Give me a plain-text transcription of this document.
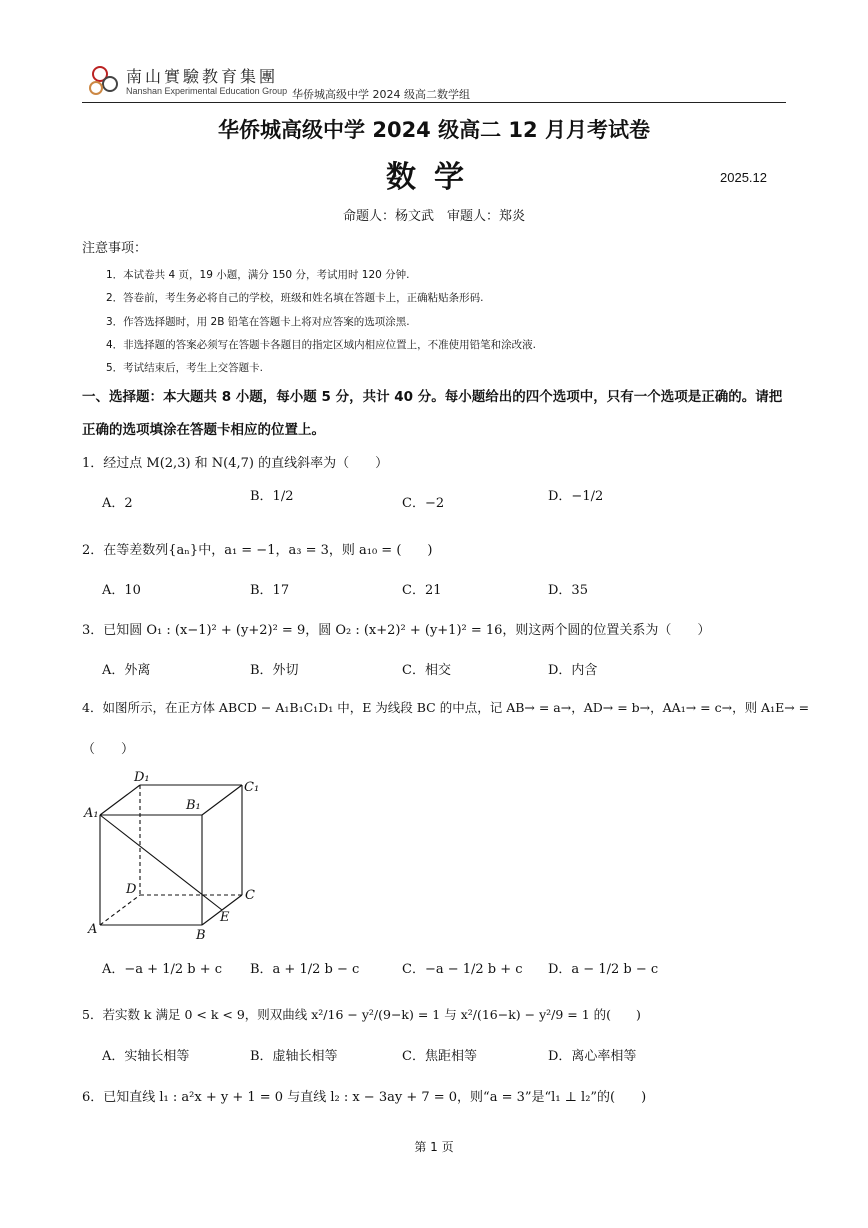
南山實驗教育集團
Nanshan Experimental Education Group 华侨城高级中学 2024 级高二数学组
华侨城高级中学 2024 级高二 12 月月考试卷
数学	2025.12
命题人：杨文武　审题人：郑炎
注意事项：
1．本试卷共 4 页，19 小题，满分 150 分，考试用时 120 分钟.
2．答卷前，考生务必将自己的学校，班级和姓名填在答题卡上，正确粘贴条形码.
3．作答选择题时，用 2B 铅笔在答题卡上将对应答案的选项涂黑.
4．非选择题的答案必须写在答题卡各题目的指定区域内相应位置上，不准使用铅笔和涂改液.
5．考试结束后，考生上交答题卡.
一、选择题：本大题共 8 小题，每小题 5 分，共计 40 分。每小题给出的四个选项中，只有一个选项是正确的。请把正确的选项填涂在答题卡相应的位置上。
1．经过点 M(2,3) 和 N(4,7) 的直线斜率为（　　）
A．2	B．1/2	C．−2	D．−1/2
2．在等差数列{aₙ}中，a₁ = −1，a₃ = 3，则 a₁₀ = (　　)
A．10	B．17	C．21	D．35
3．已知圆 O₁ : (x−1)² + (y+2)² = 9，圆 O₂ : (x+2)² + (y+1)² = 16，则这两个圆的位置关系为（　　）
A．外离	B．外切	C．相交	D．内含
4．如图所示，在正方体 ABCD − A₁B₁C₁D₁ 中，E 为线段 BC 的中点，记 AB→ = a→，AD→ = b→，AA₁→ = c→，则 A₁E→ =
（　　）
D₁
C₁
A₁
B₁
D	C
A	B
E
A．−a + 1/2 b + c B．a + 1/2 b − c	C．−a − 1/2 b + c D．a − 1/2 b − c
5．若实数 k 满足 0 < k < 9，则双曲线 x²/16 − y²/(9−k) = 1 与 x²/(16−k) − y²/9 = 1 的(　　)
A．实轴长相等	B．虚轴长相等	C．焦距相等	D．离心率相等
6．已知直线 l₁ : a²x + y + 1 = 0 与直线 l₂ : x − 3ay + 7 = 0，则“a = 3”是“l₁ ⊥ l₂”的(　　)
第 1 页
